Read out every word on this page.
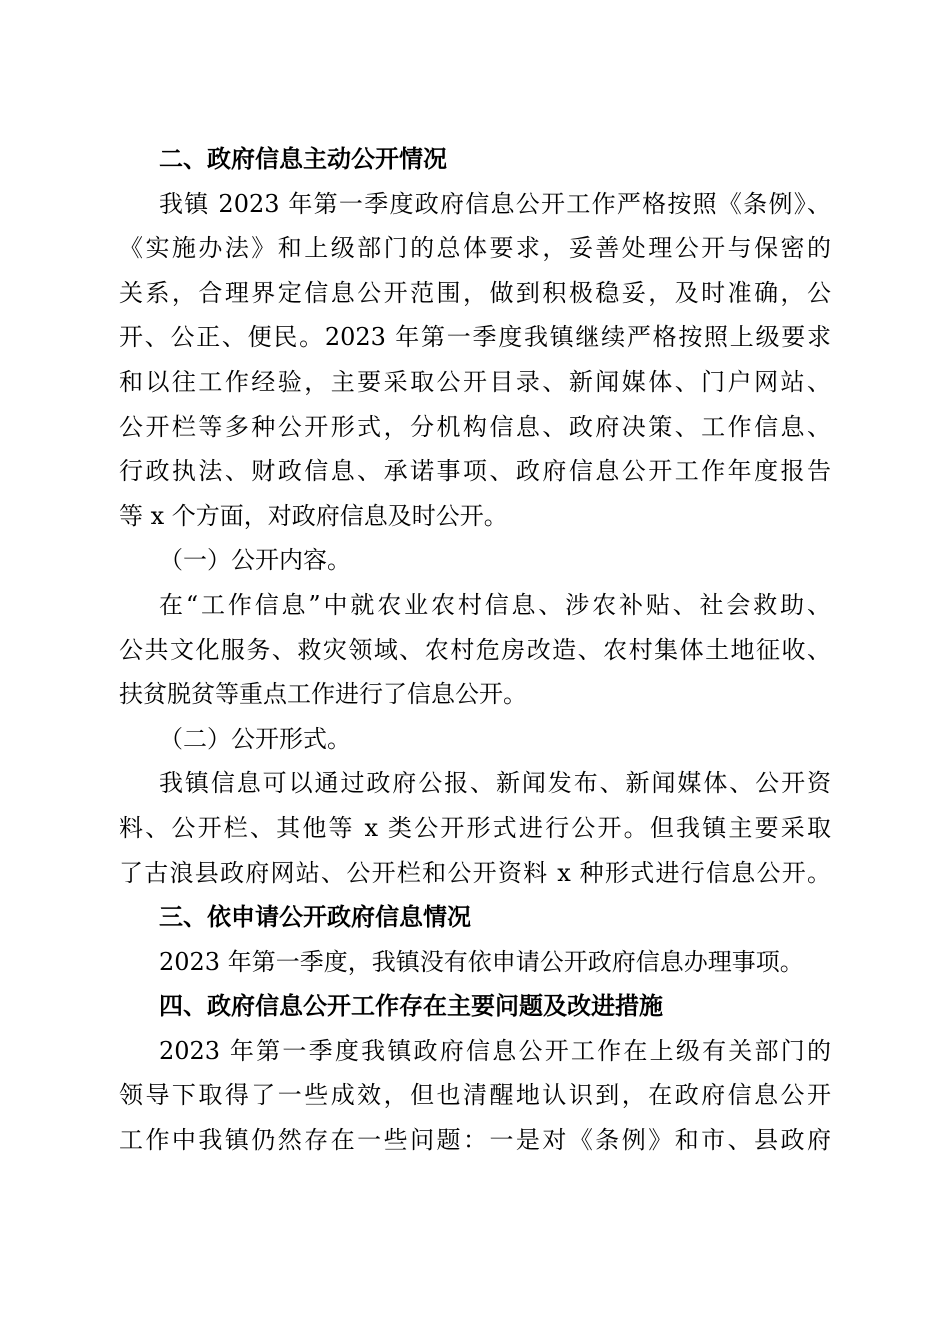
二、政府信息主动公开情况
我镇 2023 年第一季度政府信息公开工作严格按照《条例》、
《实施办法》和上级部门的总体要求，妥善处理公开与保密的
关系，合理界定信息公开范围，做到积极稳妥，及时准确，公
开、公正、便民。2023 年第一季度我镇继续严格按照上级要求
和以往工作经验，主要采取公开目录、新闻媒体、门户网站、
公开栏等多种公开形式，分机构信息、政府决策、工作信息、
行政执法、财政信息、承诺事项、政府信息公开工作年度报告
等 x 个方面，对政府信息及时公开。
（一）公开内容。
在“工作信息”中就农业农村信息、涉农补贴、社会救助、
公共文化服务、救灾领域、农村危房改造、农村集体土地征收、
扶贫脱贫等重点工作进行了信息公开。
（二）公开形式。
我镇信息可以通过政府公报、新闻发布、新闻媒体、公开资
料、公开栏、其他等 x 类公开形式进行公开。但我镇主要采取
了古浪县政府网站、公开栏和公开资料 x 种形式进行信息公开。
三、依申请公开政府信息情况
2023 年第一季度，我镇没有依申请公开政府信息办理事项。
四、政府信息公开工作存在主要问题及改进措施
2023 年第一季度我镇政府信息公开工作在上级有关部门的
领导下取得了一些成效，但也清醒地认识到，在政府信息公开
工作中我镇仍然存在一些问题：一是对《条例》和市、县政府
